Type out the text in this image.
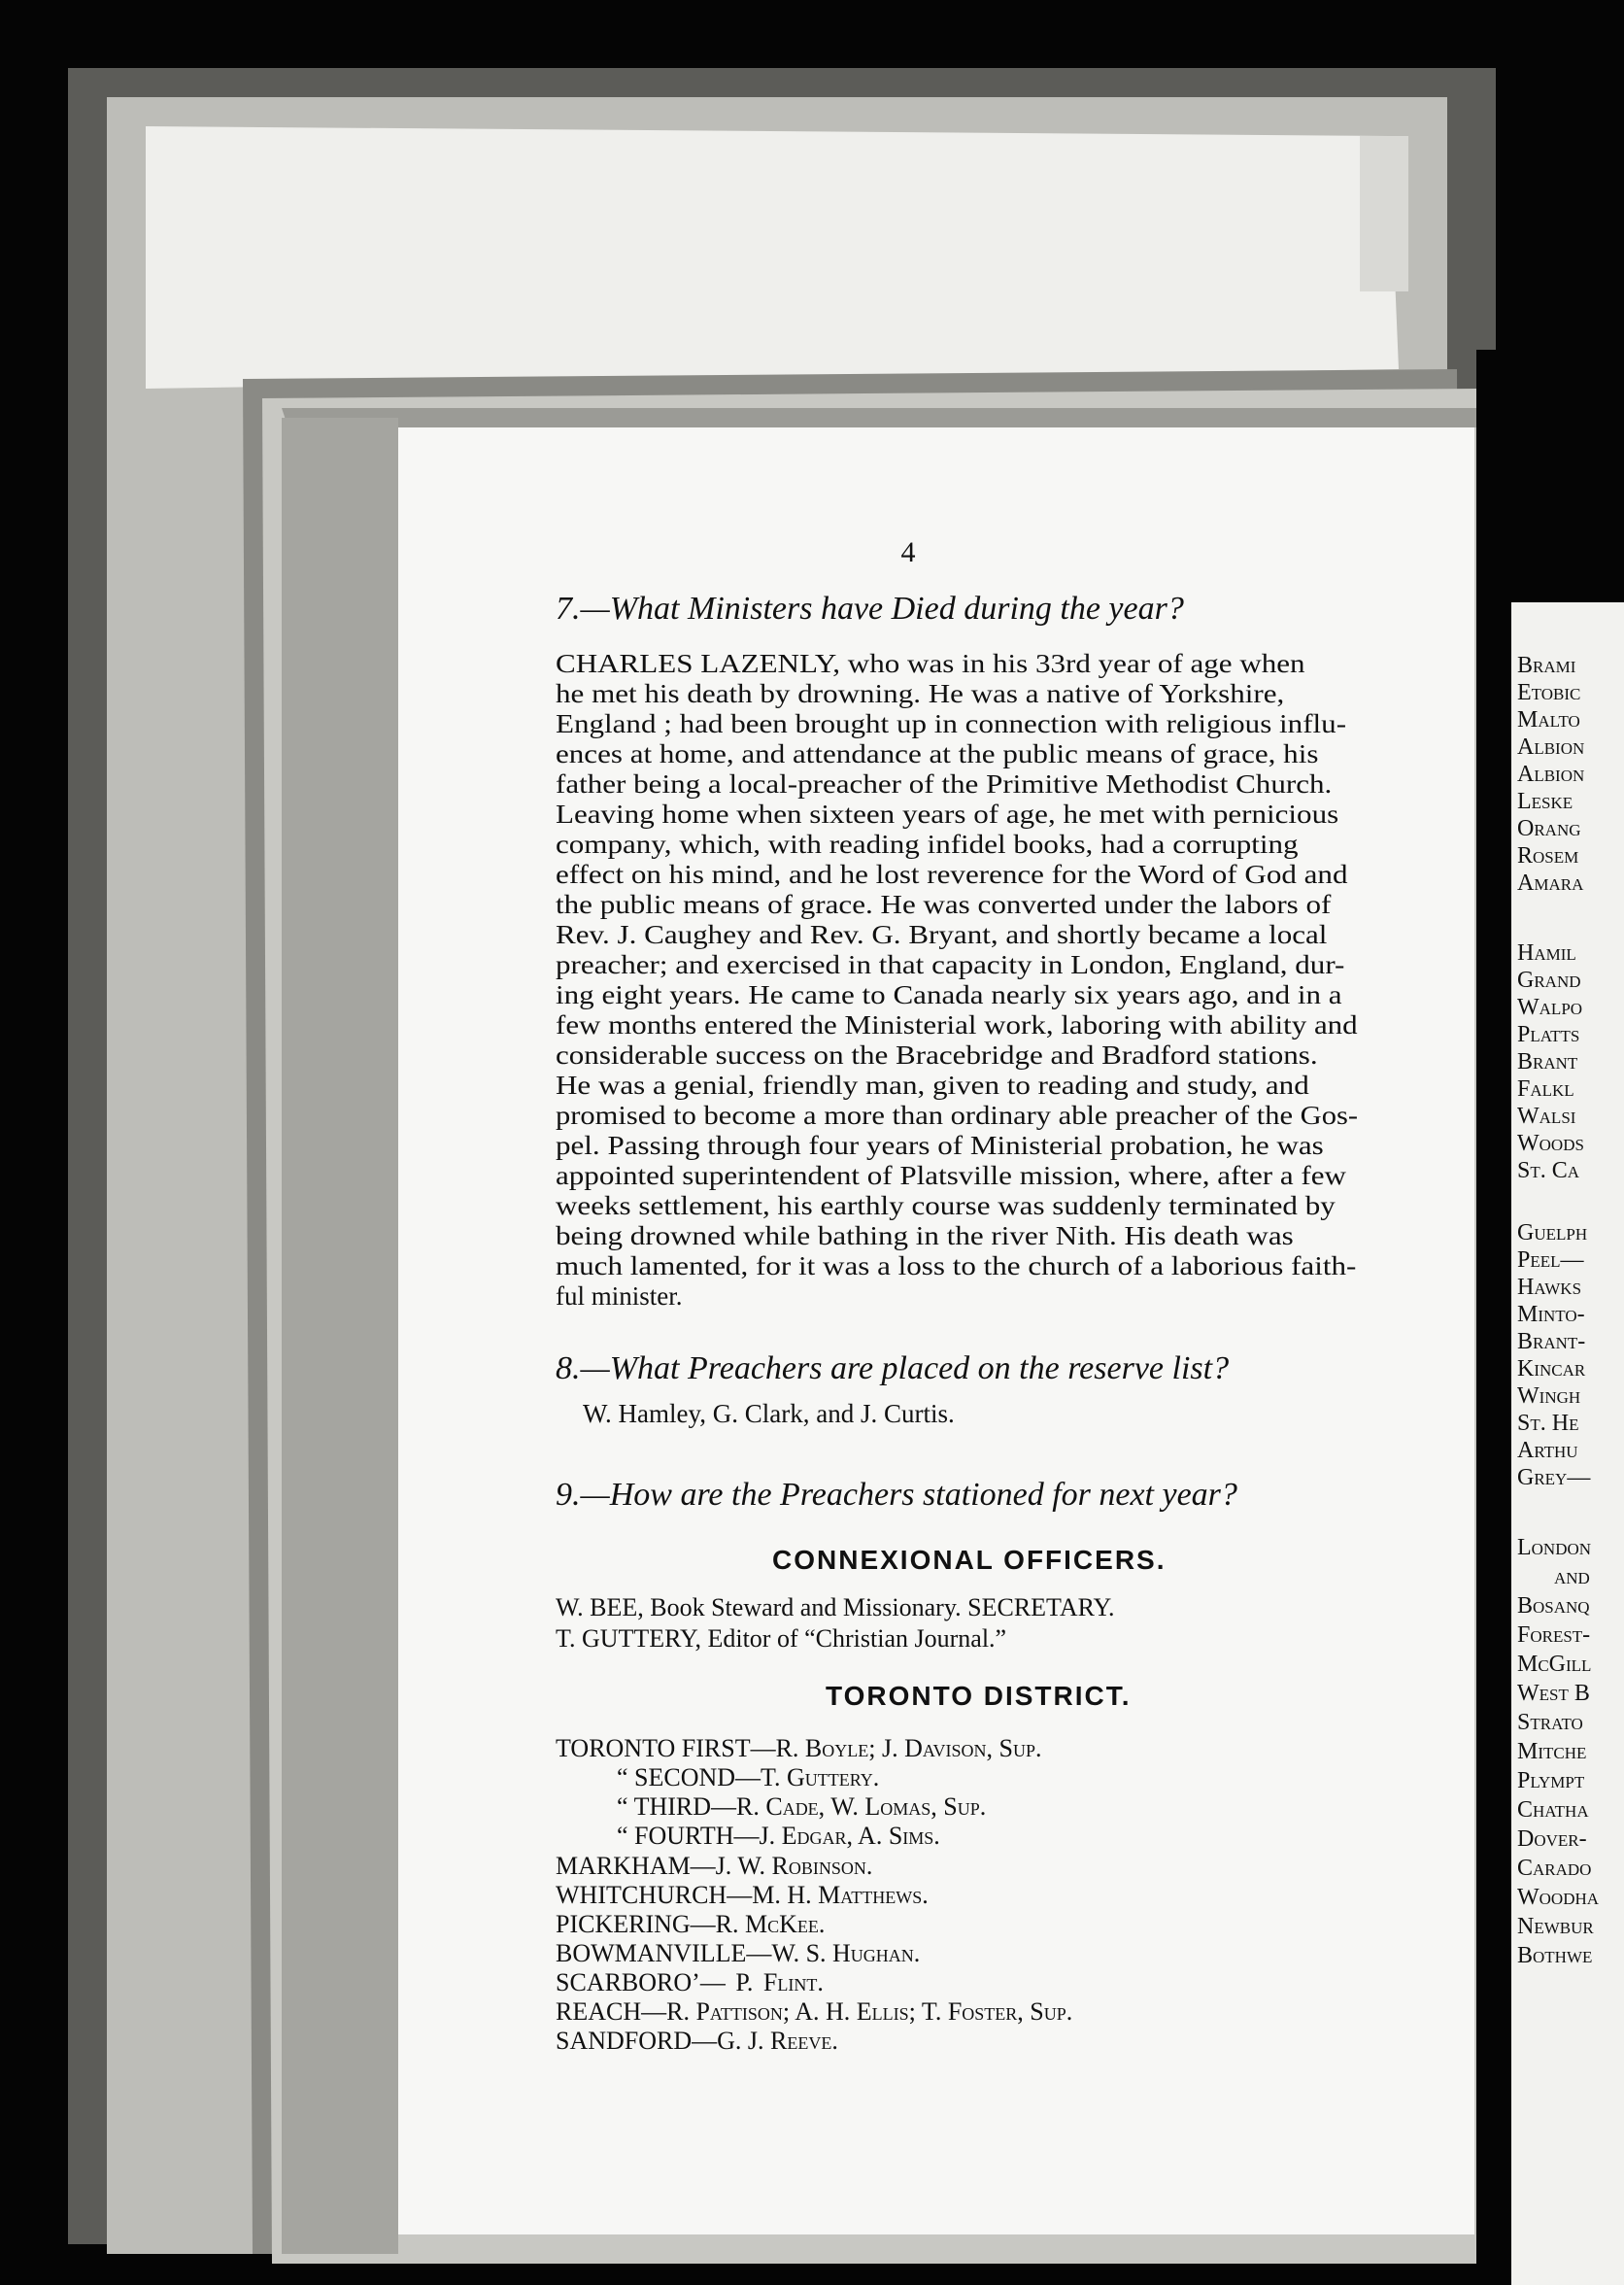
4
7.—What Ministers have Died during the year?
CHARLES LAZENLY, who was in his 33rd year of age when
he met his death by drowning. He was a native of Yorkshire,
England ; had been brought up in connection with religious influ-
ences at home, and attendance at the public means of grace, his
father being a local-preacher of the Primitive Methodist Church.
Leaving home when sixteen years of age, he met with pernicious
company, which, with reading infidel books, had a corrupting
effect on his mind, and he lost reverence for the Word of God and
the public means of grace. He was converted under the labors of
Rev. J. Caughey and Rev. G. Bryant, and shortly became a local
preacher; and exercised in that capacity in London, England, dur-
ing eight years. He came to Canada nearly six years ago, and in a
few months entered the Ministerial work, laboring with ability and
considerable success on the Bracebridge and Bradford stations.
He was a genial, friendly man, given to reading and study, and
promised to become a more than ordinary able preacher of the Gos-
pel. Passing through four years of Ministerial probation, he was
appointed superintendent of Platsville mission, where, after a few
weeks settlement, his earthly course was suddenly terminated by
being drowned while bathing in the river Nith. His death was
much lamented, for it was a loss to the church of a laborious faith-
ful minister.
8.—What Preachers are placed on the reserve list?
W. Hamley, G. Clark, and J. Curtis.
9.—How are the Preachers stationed for next year?
CONNEXIONAL OFFICERS.
W. BEE, Book Steward and Missionary. SECRETARY.
T. GUTTERY, Editor of “Christian Journal.”
TORONTO DISTRICT.
TORONTO FIRST—R. Boyle; J. Davison, Sup.
“ SECOND—T. Guttery.
“ THIRD—R. Cade, W. Lomas, Sup.
“ FOURTH—J. Edgar, A. Sims.
MARKHAM—J. W. Robinson.
WHITCHURCH—M. H. Matthews.
PICKERING—R. McKee.
BOWMANVILLE—W. S. Hughan.
SCARBORO’— P. Flint.
REACH—R. Pattison; A. H. Ellis; T. Foster, Sup.
SANDFORD—G. J. Reeve.
Brami
Etobic
Malto
Albion
Albion
Leske
Orang
Rosem
Amara
Hamil
Grand
Walpo
Platts
Brant
Falkl
Walsi
Woods
St. Ca
Guelph
Peel—
Hawks
Minto-
Brant-
Kincar
Wingh
St. He
Arthu
Grey—
London
and
Bosanq
Forest-
McGill
West B
Strato
Mitche
Plympt
Chatha
Dover-
Carado
Woodha
Newbur
Bothwe
